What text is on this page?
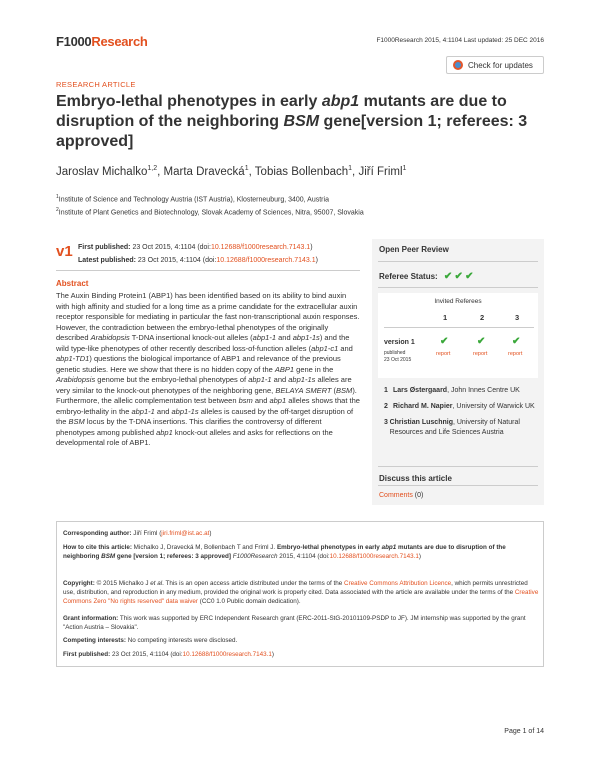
F1000Research	F1000Research 2015, 4:1104 Last updated: 25 DEC 2016
Check for updates
RESEARCH ARTICLE
Embryo-lethal phenotypes in early abp1 mutants are due to disruption of the neighboring BSM gene[version 1; referees: 3 approved]
Jaroslav Michalko$^{1,2}$, Marta Dravecká$^1$, Tobias Bollenbach$^1$, Jiří Friml$^1$
$^1$Institute of Science and Technology Austria (IST Austria), Klosterneuburg, 3400, Austria
$^2$Institute of Plant Genetics and Biotechnology, Slovak Academy of Sciences, Nitra, 95007, Slovakia
v1 First published: 23 Oct 2015, 4:1104 (doi:10.12688/f1000research.7143.1)
Latest published: 23 Oct 2015, 4:1104 (doi:10.12688/f1000research.7143.1)
Abstract
The Auxin Binding Protein1 (ABP1) has been identified based on its ability to bind auxin with high affinity and studied for a long time as a prime candidate for the extracellular auxin receptor responsible for mediating in particular the fast non-transcriptional auxin responses. However, the contradiction between the embryo-lethal phenotypes of the originally described Arabidopsis T-DNA insertional knock-out alleles (abp1-1 and abp1-1s) and the wild type-like phenotypes of other recently described loss-of-function alleles (abp1-c1 and abp1-TD1) questions the biological importance of ABP1 and relevance of the previous genetic studies. Here we show that there is no hidden copy of the ABP1 gene in the Arabidopsis genome but the embryo-lethal phenotypes of abp1-1 and abp1-1s alleles are very similar to the knock-out phenotypes of the neighboring gene, BELAYA SMERT (BSM). Furthermore, the allelic complementation test between bsm and abp1 alleles shows that the embryo-lethality in the abp1-1 and abp1-1s alleles is caused by the off-target disruption of the BSM locus by the T-DNA insertions. This clarifies the controversy of different phenotypes among published abp1 knock-out alleles and asks for reflections on the developmental role of ABP1.
Open Peer Review
Referee Status: ✔ ✔ ✔
Invited Referees
1	2	3
version 1
published
23 Oct 2015
✔	✔	✔
report	report	report
1 Lars Østergaard, John Innes Centre UK
2 Richard M. Napier, University of Warwick UK
3 Christian Luschnig, University of Natural Resources and Life Sciences Austria
Discuss this article
Comments (0)
Corresponding author: Jiří Friml (jiri.friml@ist.ac.at)
How to cite this article: Michalko J, Dravecká M, Bollenbach T and Friml J. Embryo-lethal phenotypes in early abp1 mutants are due to disruption of the neighboring BSM gene [version 1; referees: 3 approved] F1000Research 2015, 4:1104 (doi:10.12688/f1000research.7143.1)
Copyright: © 2015 Michalko J et al. This is an open access article distributed under the terms of the Creative Commons Attribution Licence, which permits unrestricted use, distribution, and reproduction in any medium, provided the original work is properly cited. Data associated with the article are available under the terms of the Creative Commons Zero "No rights reserved" data waiver (CC0 1.0 Public domain dedication).
Grant information: This work was supported by ERC Independent Research grant (ERC-2011-StG-20101109-PSDP to JF). JM internship was supported by the grant "Action Austria – Slovakia".
Competing interests: No competing interests were disclosed.
First published: 23 Oct 2015, 4:1104 (doi:10.12688/f1000research.7143.1)
Page 1 of 14
